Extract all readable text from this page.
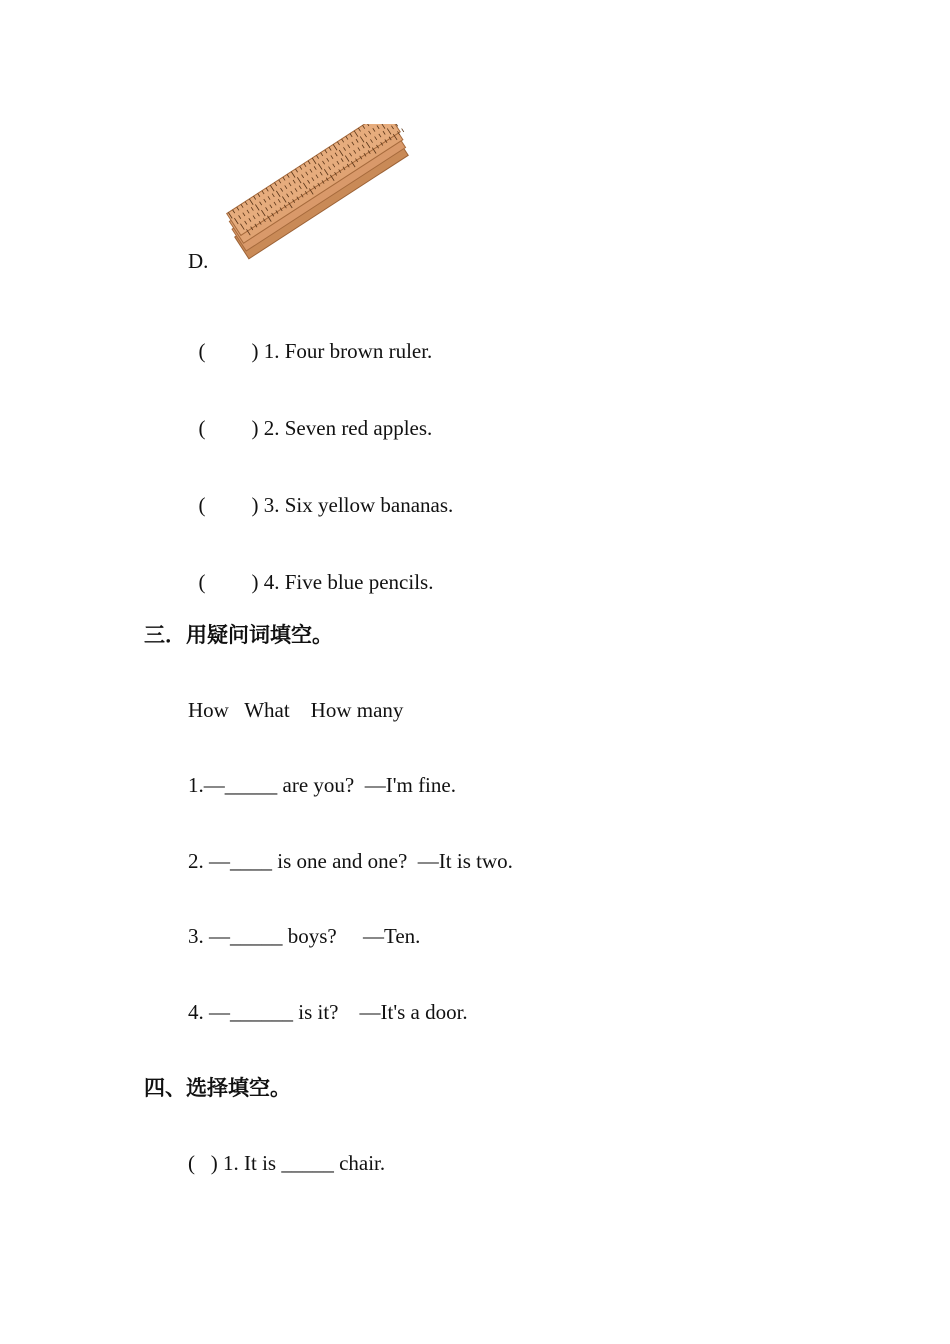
D.

( ) 1. Four brown ruler.

( ) 2. Seven red apples.

( ) 3. Six yellow bananas.

( ) 4. Five blue pencils.

三．用疑问词填空。
How   What    How many
1.—_____ are you?  —I'm fine.
2. —____ is one and one?  —It is two.
3. —_____ boys?     —Ten.
4. —______ is it?    —It's a door.
四、选择填空。
(   ) 1. It is _____ chair.
